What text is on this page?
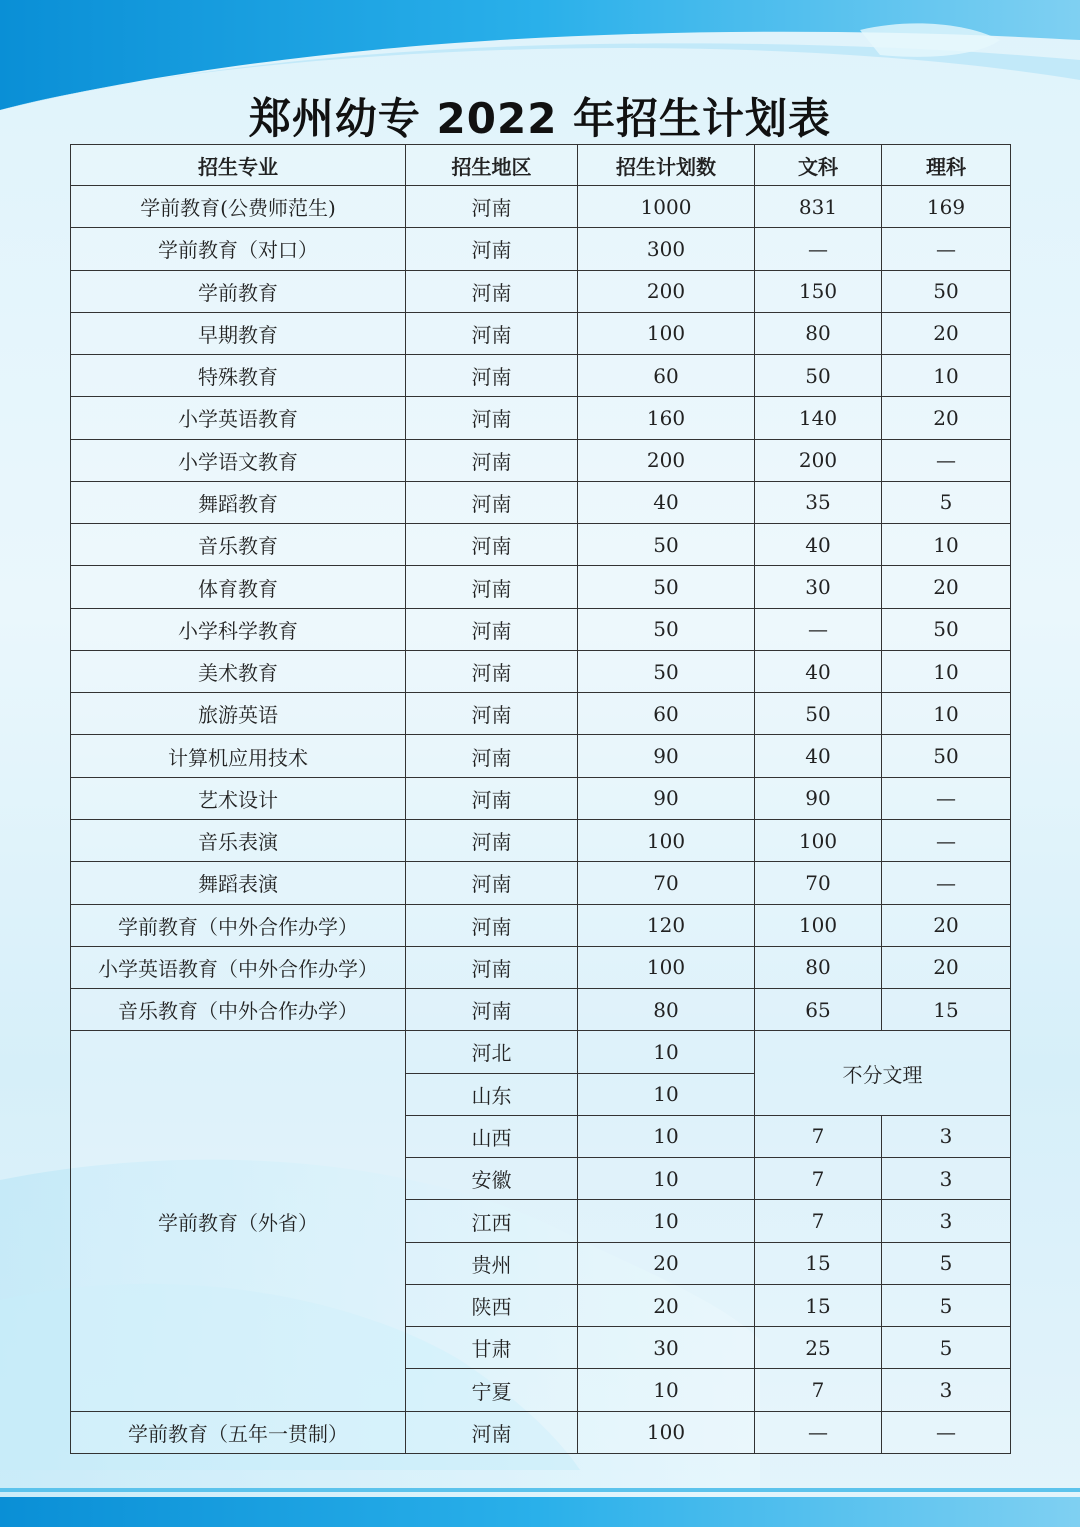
郑州幼专 2022 年招生计划表
招生专业	招生地区	招生计划数	文科	理科
学前教育(公费师范生)	河南	1000	831	169
学前教育（对口）	河南	300	—	—
学前教育	河南	200	150	50
早期教育	河南	100	80	20
特殊教育	河南	60	50	10
小学英语教育	河南	160	140	20
小学语文教育	河南	200	200	—
舞蹈教育	河南	40	35	5
音乐教育	河南	50	40	10
体育教育	河南	50	30	20
小学科学教育	河南	50	—	50
美术教育	河南	50	40	10
旅游英语	河南	60	50	10
计算机应用技术	河南	90	40	50
艺术设计	河南	90	90	—
音乐表演	河南	100	100	—
舞蹈表演	河南	70	70	—
学前教育（中外合作办学）	河南	120	100	20
小学英语教育（中外合作办学）	河南	100	80	20
音乐教育（中外合作办学）	河南	80	65	15
学前教育（外省）	河北	10	不分文理	
	山东	10		
	山西	10	7	3
	安徽	10	7	3
	江西	10	7	3
	贵州	20	15	5
	陕西	20	15	5
	甘肃	30	25	5
	宁夏	10	7	3
学前教育（五年一贯制）	河南	100	—	—
